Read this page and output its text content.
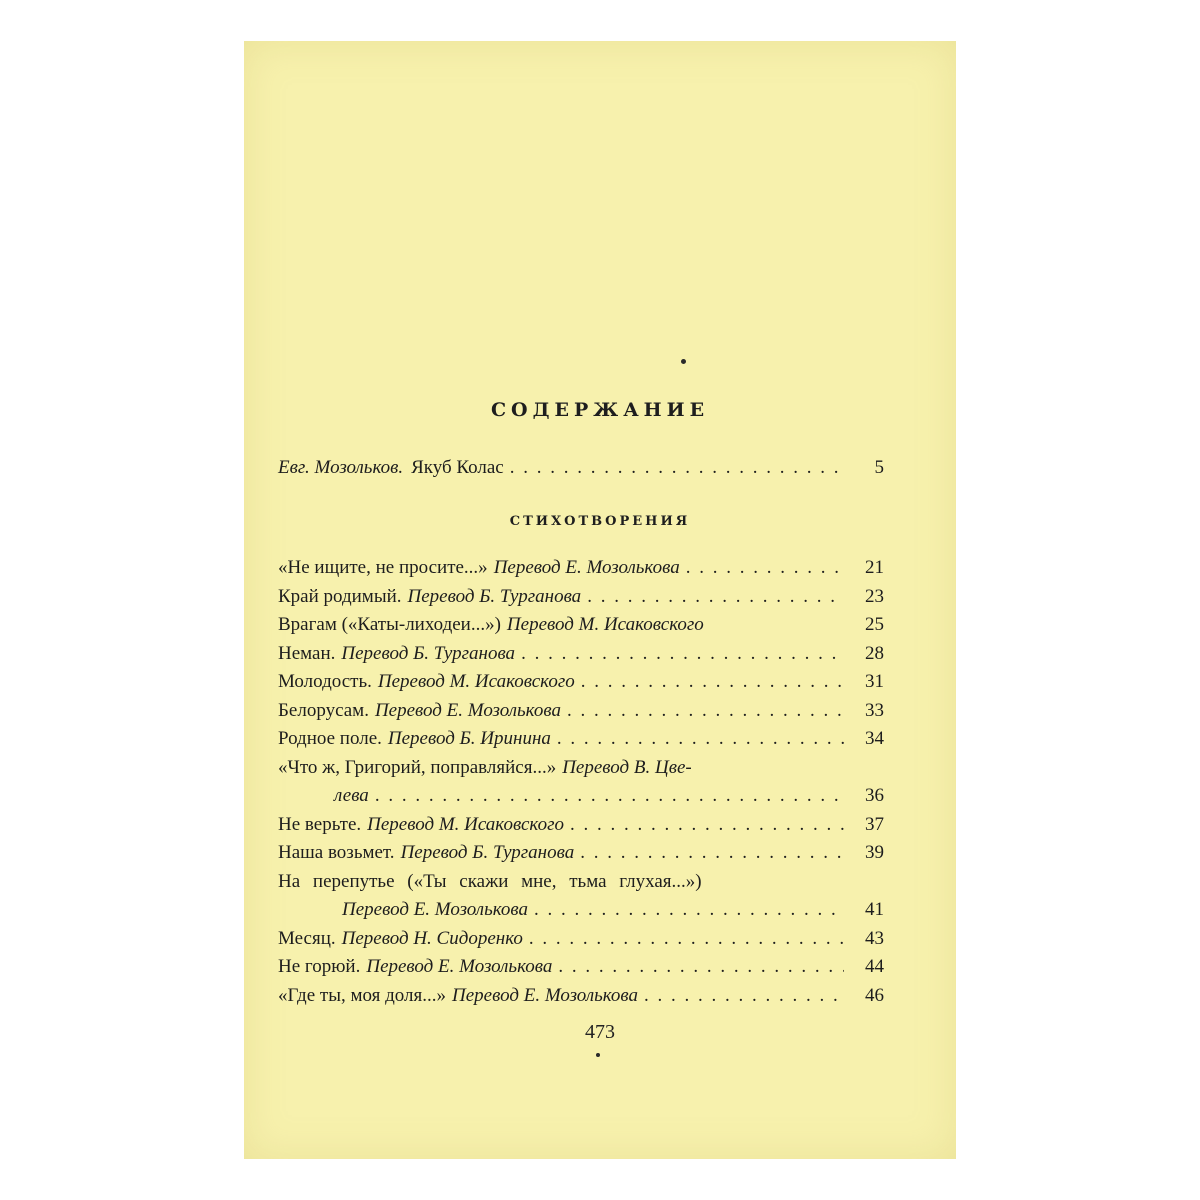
СОДЕРЖАНИЕ
Евг. Мозольков. Якуб Колас . . .	5
СТИХОТВОРЕНИЯ
«Не ищите, не просите...» Перевод Е. Мозолькова . . .	21
Край родимый. Перевод Б. Турганова . . .	23
Врагам («Каты-лиходеи...») Перевод М. Исаковского	25
Неман. Перевод Б. Турганова . . .	28
Молодость. Перевод М. Исаковского . . .	31
Белорусам. Перевод Е. Мозолькова . . .	33
Родное поле. Перевод Б. Иринина . . .	34
«Что ж, Григорий, поправляйся...» Перевод В. Цве-
лева . . .	36
Не верьте. Перевод М. Исаковского . . .	37
Наша возьмет. Перевод Б. Турганова . . .	39
На перепутье («Ты скажи мне, тьма глухая...»)
Перевод Е. Мозолькова . . .	41
Месяц. Перевод Н. Сидоренко . . .	43
Не горюй. Перевод Е. Мозолькова . . .	44
«Где ты, моя доля...» Перевод Е. Мозолькова . . .	46
473
